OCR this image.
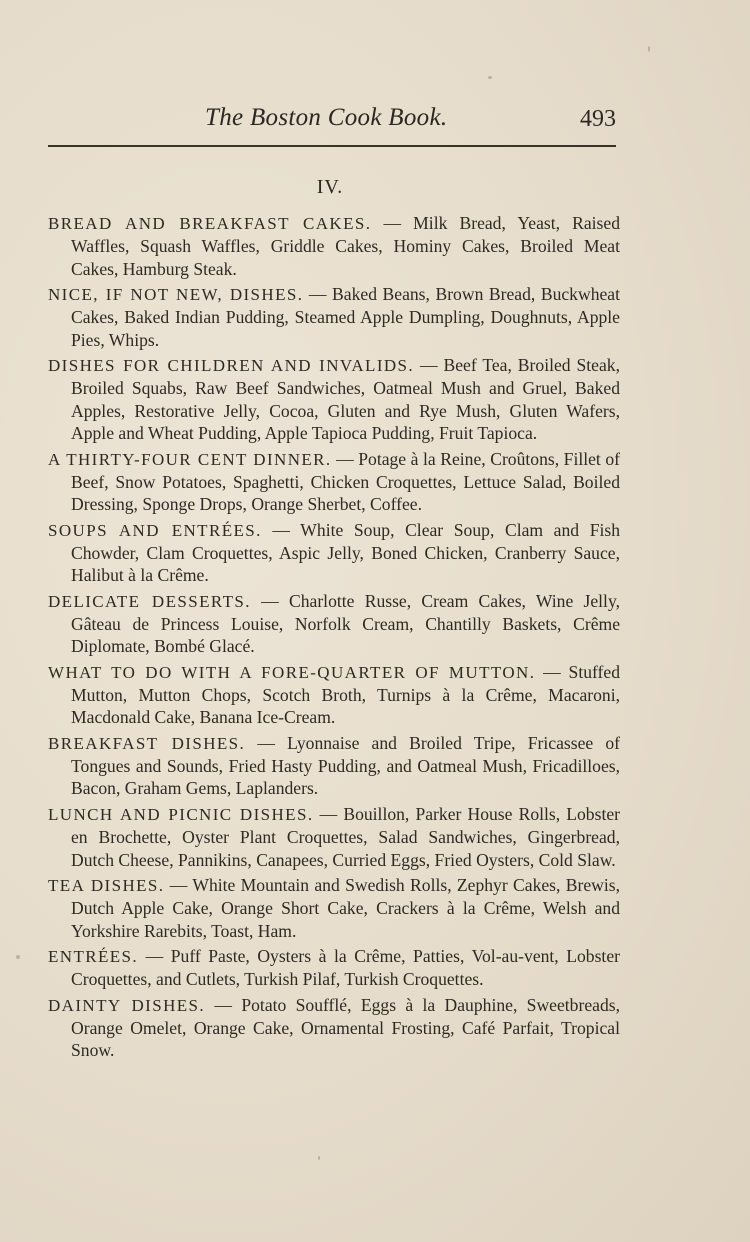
The Boston Cook Book.	493
IV.

BREAD AND BREAKFAST CAKES. — Milk Bread, Yeast, Raised Waffles, Squash Waffles, Griddle Cakes, Hominy Cakes, Broiled Meat Cakes, Hamburg Steak.

NICE, IF NOT NEW, DISHES. — Baked Beans, Brown Bread, Buckwheat Cakes, Baked Indian Pudding, Steamed Apple Dumpling, Doughnuts, Apple Pies, Whips.

DISHES FOR CHILDREN AND INVALIDS. — Beef Tea, Broiled Steak, Broiled Squabs, Raw Beef Sandwiches, Oatmeal Mush and Gruel, Baked Apples, Restorative Jelly, Cocoa, Gluten and Rye Mush, Gluten Wafers, Apple and Wheat Pudding, Apple Tapioca Pudding, Fruit Tapioca.

A THIRTY-FOUR CENT DINNER. — Potage à la Reine, Croûtons, Fillet of Beef, Snow Potatoes, Spaghetti, Chicken Croquettes, Lettuce Salad, Boiled Dressing, Sponge Drops, Orange Sherbet, Coffee.

SOUPS AND ENTRÉES. — White Soup, Clear Soup, Clam and Fish Chowder, Clam Croquettes, Aspic Jelly, Boned Chicken, Cranberry Sauce, Halibut à la Crême.

DELICATE DESSERTS. — Charlotte Russe, Cream Cakes, Wine Jelly, Gâteau de Princess Louise, Norfolk Cream, Chantilly Baskets, Crême Diplomate, Bombé Glacé.

WHAT TO DO WITH A FORE-QUARTER OF MUTTON. — Stuffed Mutton, Mutton Chops, Scotch Broth, Turnips à la Crême, Macaroni, Macdonald Cake, Banana Ice-Cream.

BREAKFAST DISHES. — Lyonnaise and Broiled Tripe, Fricassee of Tongues and Sounds, Fried Hasty Pudding, and Oatmeal Mush, Fricadilloes, Bacon, Graham Gems, Laplanders.

LUNCH AND PICNIC DISHES. — Bouillon, Parker House Rolls, Lobster en Brochette, Oyster Plant Croquettes, Salad Sandwiches, Gingerbread, Dutch Cheese, Pannikins, Canapees, Curried Eggs, Fried Oysters, Cold Slaw.

TEA DISHES. — White Mountain and Swedish Rolls, Zephyr Cakes, Brewis, Dutch Apple Cake, Orange Short Cake, Crackers à la Crême, Welsh and Yorkshire Rarebits, Toast, Ham.

ENTRÉES. — Puff Paste, Oysters à la Crême, Patties, Vol-au-vent, Lobster Croquettes, and Cutlets, Turkish Pilaf, Turkish Croquettes.

DAINTY DISHES. — Potato Soufflé, Eggs à la Dauphine, Sweetbreads, Orange Omelet, Orange Cake, Ornamental Frosting, Café Parfait, Tropical Snow.
